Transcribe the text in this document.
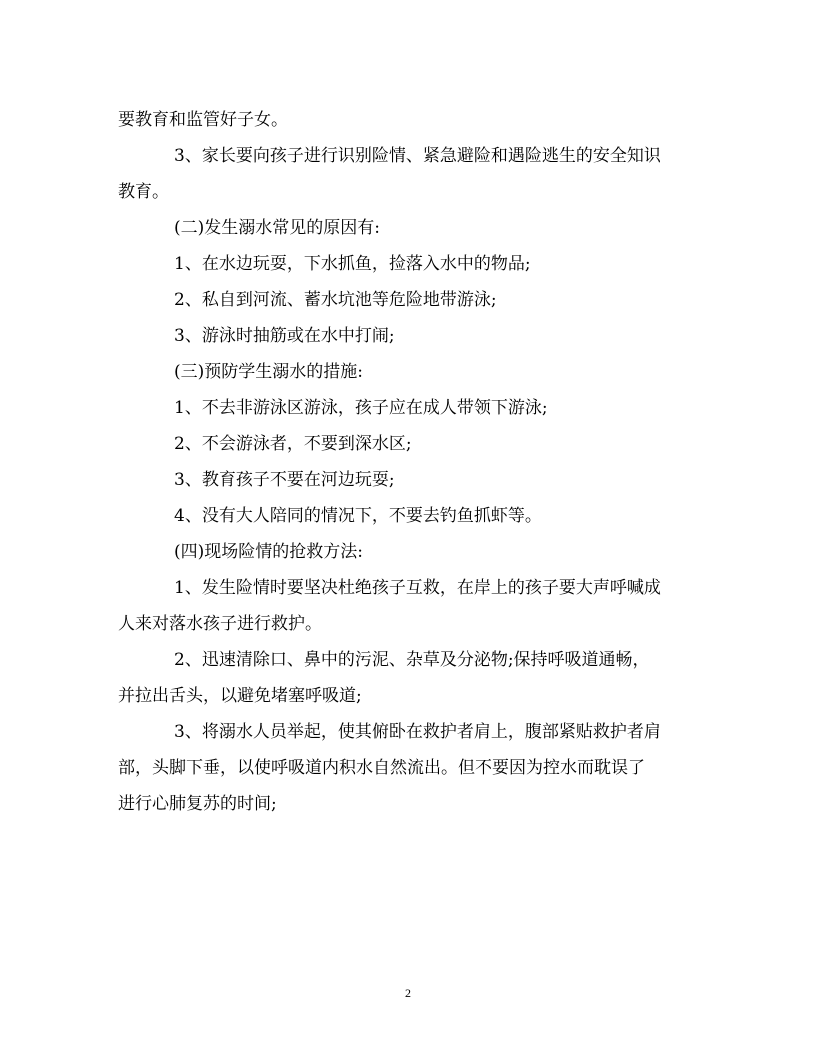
要教育和监管好子女。
3、家长要向孩子进行识别险情、紧急避险和遇险逃生的安全知识
教育。
(二)发生溺水常见的原因有:
1、在水边玩耍，下水抓鱼，捡落入水中的物品;
2、私自到河流、蓄水坑池等危险地带游泳;
3、游泳时抽筋或在水中打闹;
(三)预防学生溺水的措施:
1、不去非游泳区游泳，孩子应在成人带领下游泳;
2、不会游泳者，不要到深水区;
3、教育孩子不要在河边玩耍;
4、没有大人陪同的情况下，不要去钓鱼抓虾等。
(四)现场险情的抢救方法:
1、发生险情时要坚决杜绝孩子互救，在岸上的孩子要大声呼喊成
人来对落水孩子进行救护。
2、迅速清除口、鼻中的污泥、杂草及分泌物;保持呼吸道通畅，
并拉出舌头，以避免堵塞呼吸道;
3、将溺水人员举起，使其俯卧在救护者肩上，腹部紧贴救护者肩
部，头脚下垂，以使呼吸道内积水自然流出。但不要因为控水而耽误了
进行心肺复苏的时间;
2
